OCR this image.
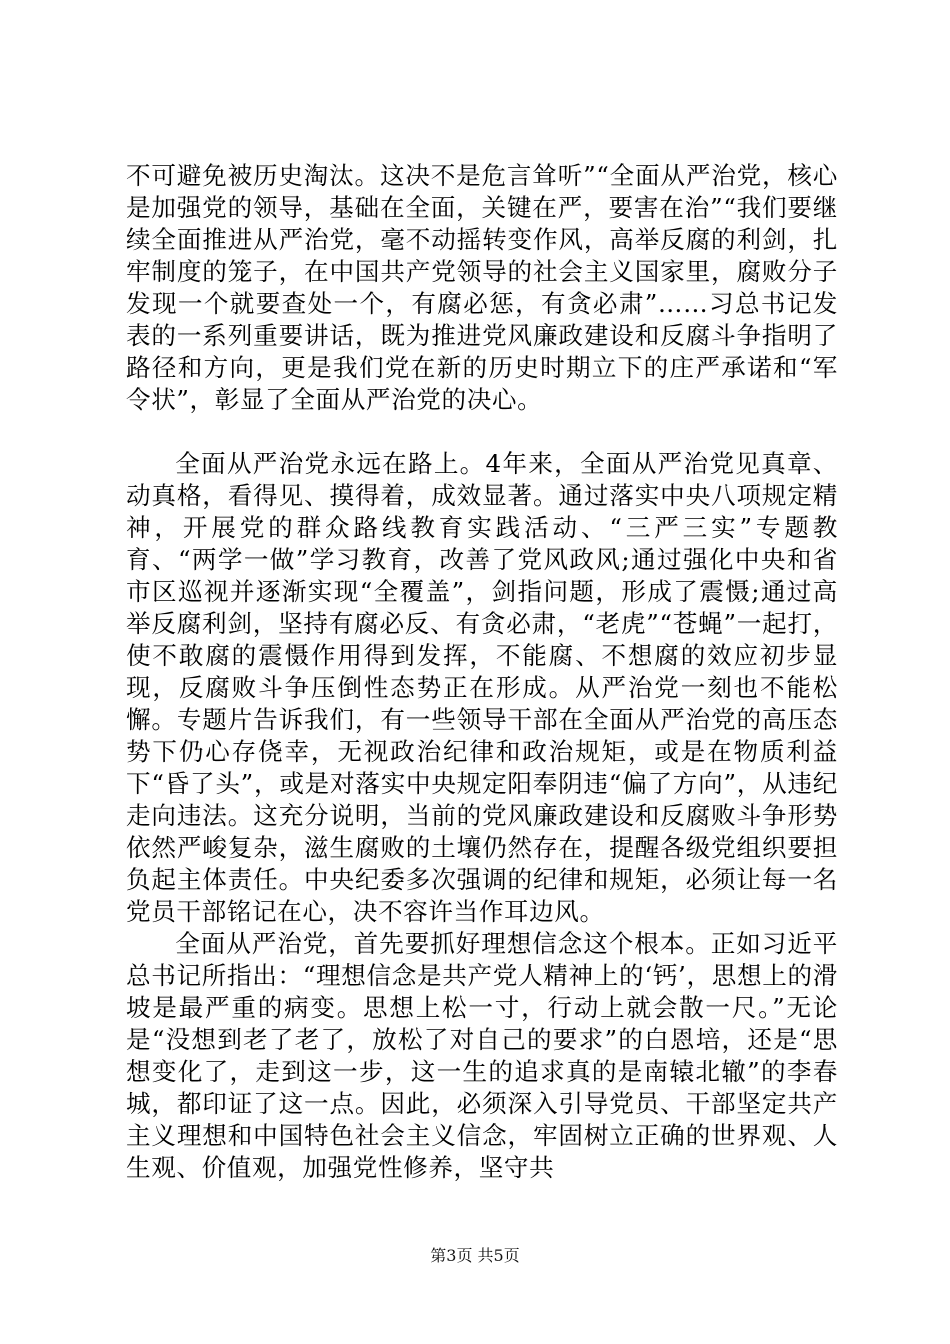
不可避免被历史淘汰。这决不是危言耸听”“全面从严治党，核心是加强党的领导，基础在全面，关键在严，要害在治”“我们要继续全面推进从严治党，毫不动摇转变作风，高举反腐的利剑，扎牢制度的笼子，在中国共产党领导的社会主义国家里，腐败分子发现一个就要查处一个，有腐必惩，有贪必肃”……习总书记发表的一系列重要讲话，既为推进党风廉政建设和反腐斗争指明了路径和方向，更是我们党在新的历史时期立下的庄严承诺和“军令状”，彰显了全面从严治党的决心。

全面从严治党永远在路上。4年来，全面从严治党见真章、动真格，看得见、摸得着，成效显著。通过落实中央八项规定精神，开展党的群众路线教育实践活动、“三严三实”专题教育、“两学一做”学习教育，改善了党风政风;通过强化中央和省市区巡视并逐渐实现“全覆盖”，剑指问题，形成了震慑;通过高举反腐利剑，坚持有腐必反、有贪必肃，“老虎”“苍蝇”一起打，使不敢腐的震慑作用得到发挥，不能腐、不想腐的效应初步显现，反腐败斗争压倒性态势正在形成。从严治党一刻也不能松懈。专题片告诉我们，有一些领导干部在全面从严治党的高压态势下仍心存侥幸，无视政治纪律和政治规矩，或是在物质利益下“昏了头”，或是对落实中央规定阳奉阴违“偏了方向”，从违纪走向违法。这充分说明，当前的党风廉政建设和反腐败斗争形势依然严峻复杂，滋生腐败的土壤仍然存在，提醒各级党组织要担负起主体责任。中央纪委多次强调的纪律和规矩，必须让每一名党员干部铭记在心，决不容许当作耳边风。

全面从严治党，首先要抓好理想信念这个根本。正如习近平总书记所指出：“理想信念是共产党人精神上的‘钙’，思想上的滑坡是最严重的病变。思想上松一寸，行动上就会散一尺。”无论是“没想到老了老了，放松了对自己的要求”的白恩培，还是“思想变化了，走到这一步，这一生的追求真的是南辕北辙”的李春城，都印证了这一点。因此，必须深入引导党员、干部坚定共产主义理想和中国特色社会主义信念，牢固树立正确的世界观、人生观、价值观，加强党性修养，坚守共

第3页 共5页
